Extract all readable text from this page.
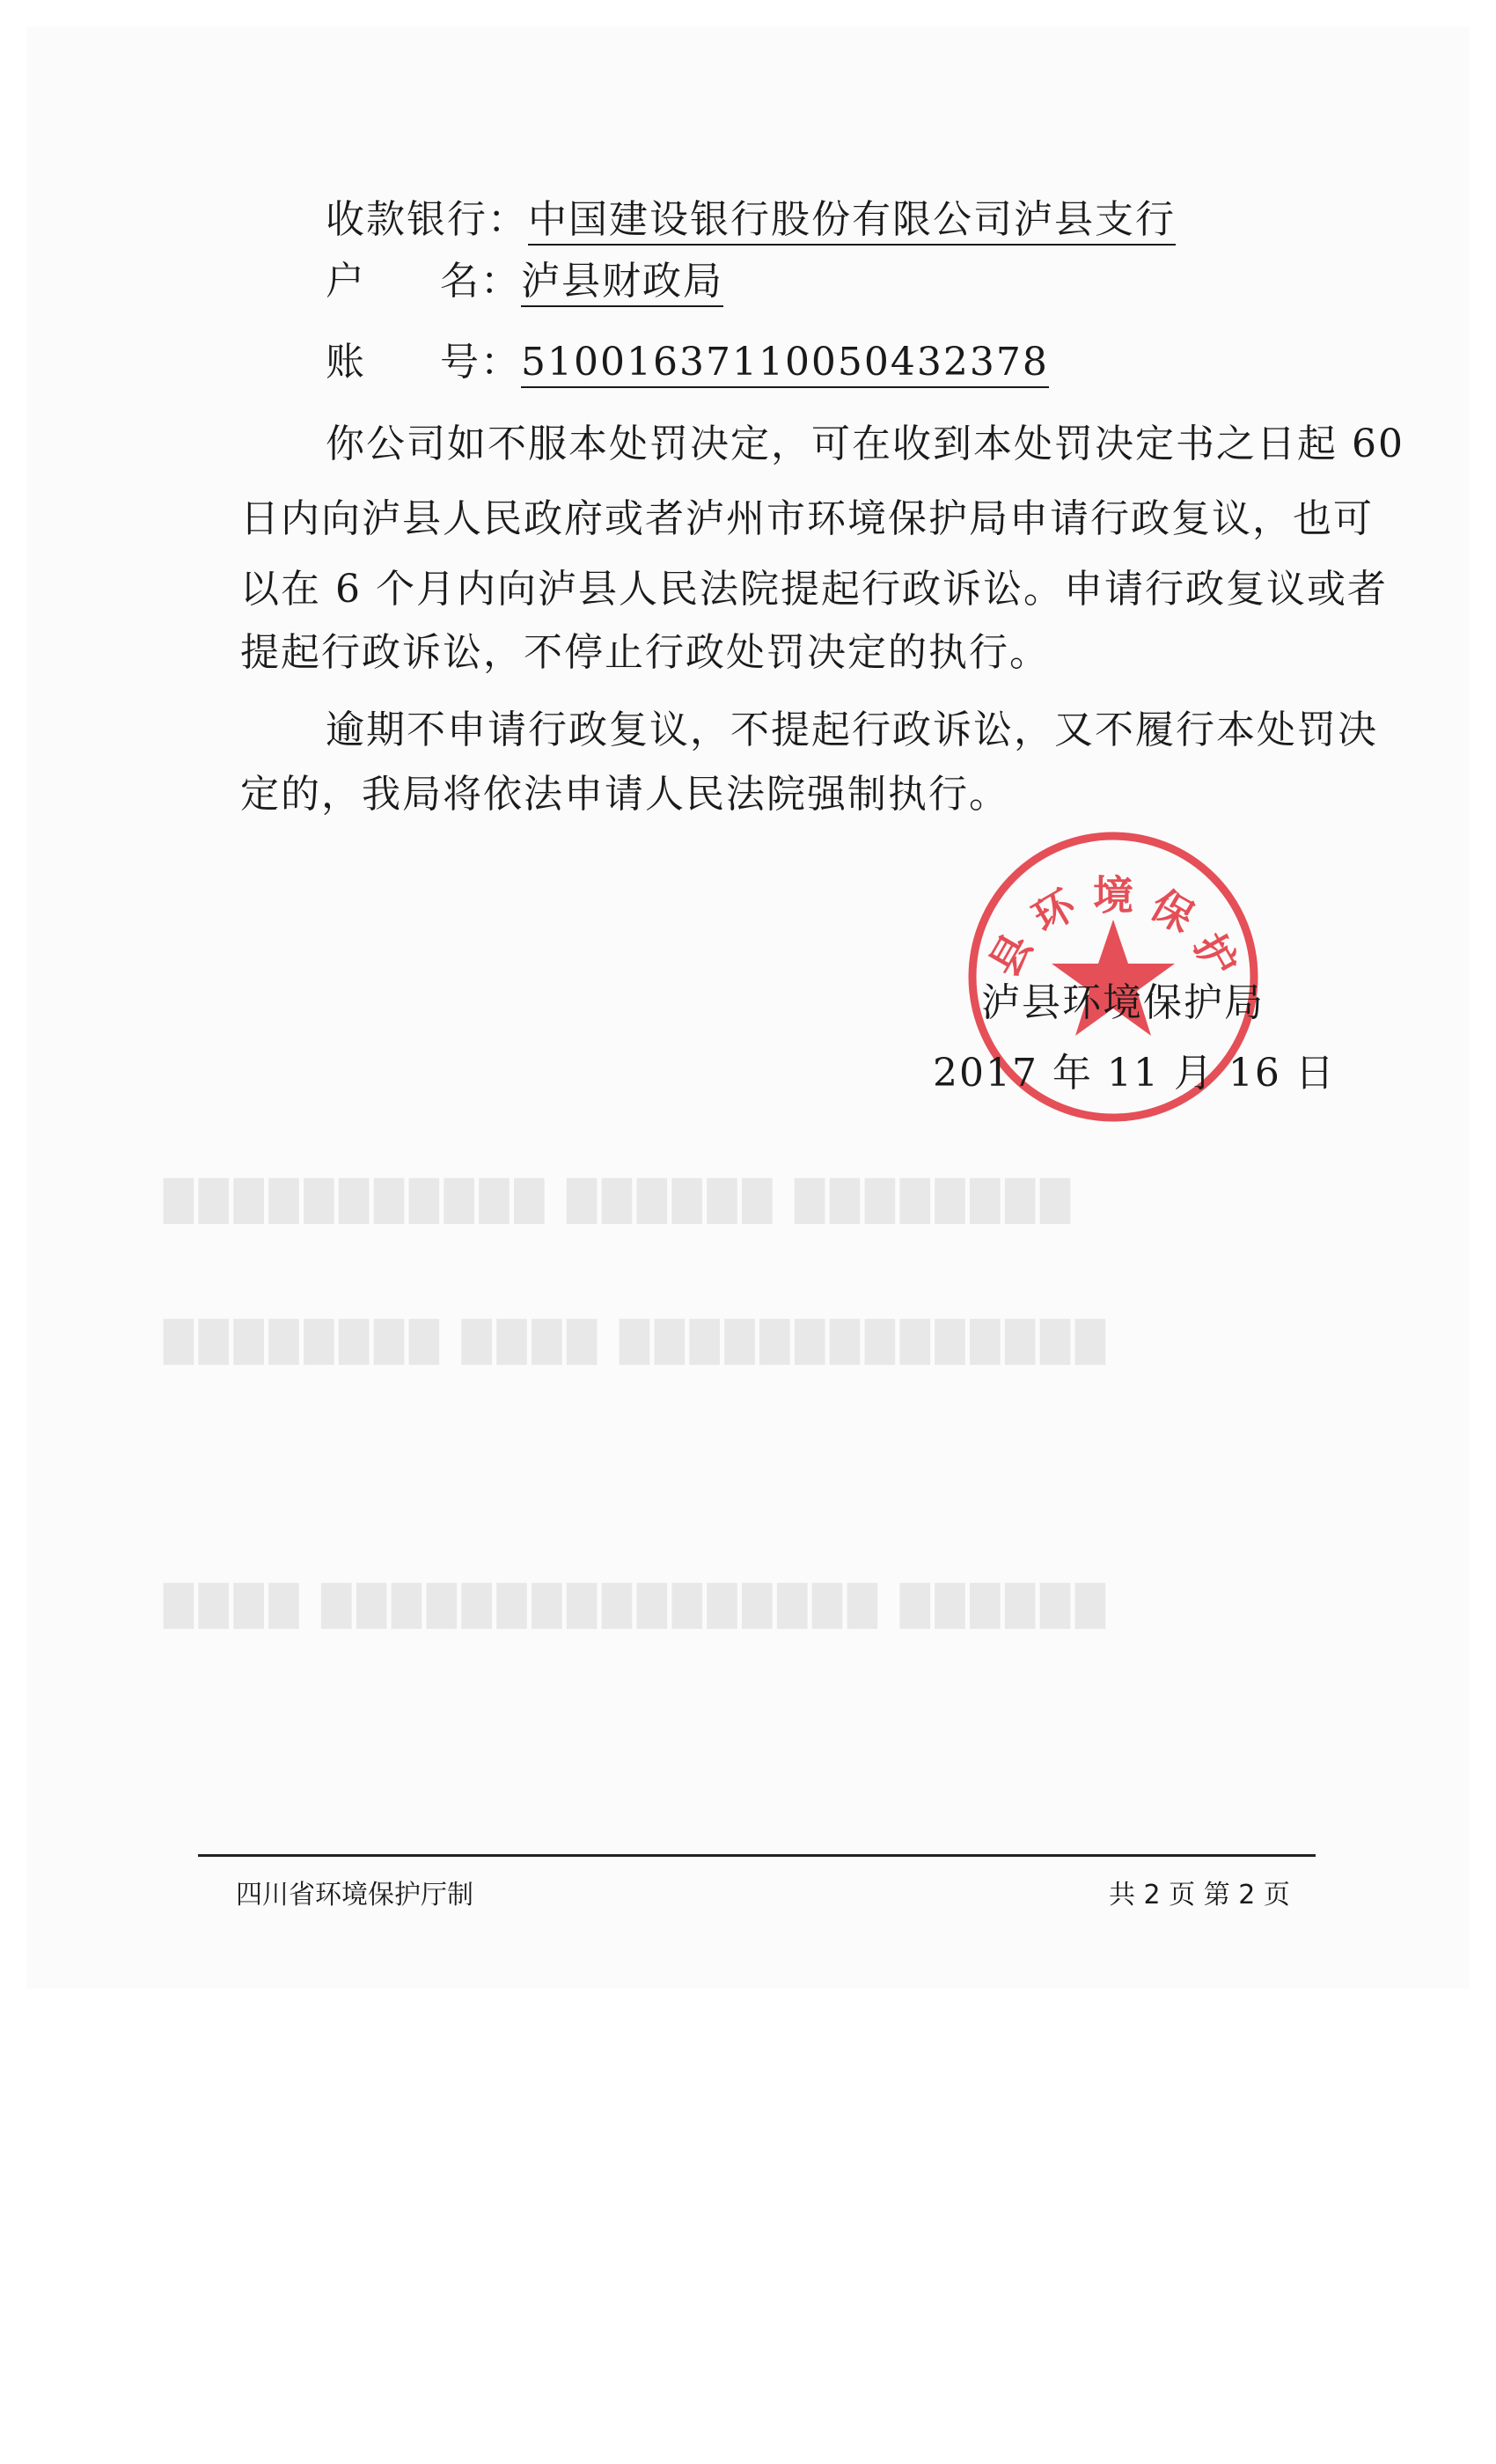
████████ ██████ ███████████
██████████████ ████ ████████
██████ ████████████████ ████
收款银行：中国建设银行股份有限公司泸县支行
户 名：泸县财政局
账 号：51001637110050432378
你公司如不服本处罚决定，可在收到本处罚决定书之日起 60
日内向泸县人民政府或者泸州市环境保护局申请行政复议，也可
以在 6 个月内向泸县人民法院提起行政诉讼。申请行政复议或者
提起行政诉讼，不停止行政处罚决定的执行。
逾期不申请行政复议，不提起行政诉讼，又不履行本处罚决
定的，我局将依法申请人民法院强制执行。
县 环 境 保 护
泸县环境保护局
2017 年 11 月 16 日
四川省环境保护厅制	共 2 页 第 2 页
